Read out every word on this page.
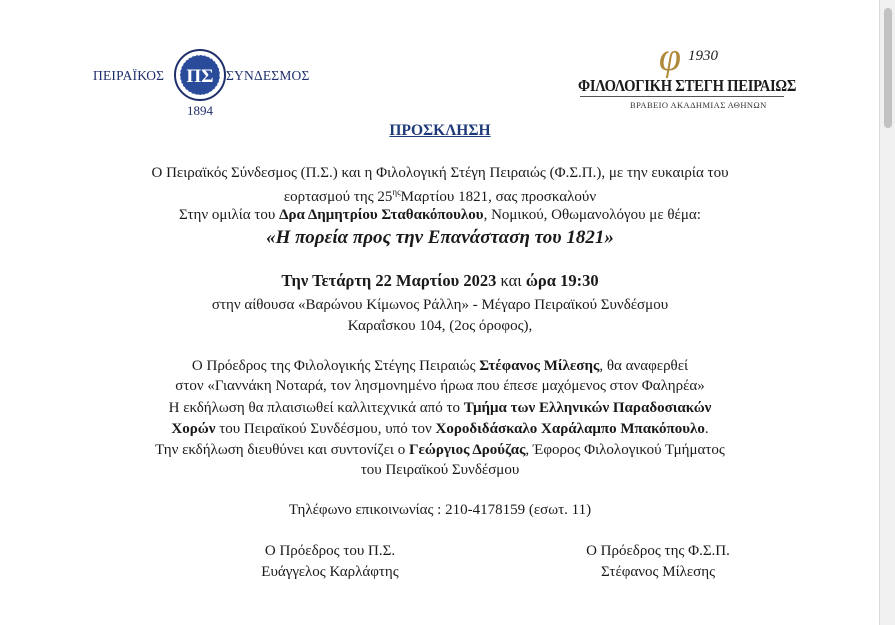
ΠΕΙΡΑΪΚΟΣ ΠΣ ΣΥΝΔΕΣΜΟΣ
1894
φ 1930
ΦΙΛΟΛΟΓΙΚΗ ΣΤΕΓΗ ΠΕΙΡΑΙΩΣ
ΒΡΑΒΕΙΟ ΑΚΑΔΗΜΙΑΣ ΑΘΗΝΩΝ
ΠΡΟΣΚΛΗΣΗ
Ο Πειραϊκός Σύνδεσμος (Π.Σ.) και η Φιλολογική Στέγη Πειραιώς (Φ.Σ.Π.), με την ευκαιρία του
εορτασμού της $25^{\eta\varsigma}M\alpha\rho\tau ίo\upsilon$ 1821, σας προσκαλούν
Στην ομιλία του Δρα Δημητρίου Σταθακόπουλου, Νομικού, Οθωμανολόγου με θέμα:
«Η πορεία προς την Επανάσταση του 1821»
Την Τετάρτη 22 Μαρτίου 2023 και ώρα 19:30
στην αίθουσα «Βαρώνου Κίμωνος Ράλλη» - Μέγαρο Πειραϊκού Συνδέσμου
Καραΐσκου 104, (2ος όροφος),
Ο Πρόεδρος της Φιλολογικής Στέγης Πειραιώς Στέφανος Μίλεσης, θα αναφερθεί
στον «Γιαννάκη Νοταρά, τον λησμονημένο ήρωα που έπεσε μαχόμενος στον Φαληρέα»
Η εκδήλωση θα πλαισιωθεί καλλιτεχνικά από το Τμήμα των Ελληνικών Παραδοσιακών
Χορών του Πειραϊκού Συνδέσμου, υπό τον Χοροδιδάσκαλο Χαράλαμπο Μπακόπουλο.
Την εκδήλωση διευθύνει και συντονίζει ο Γεώργιος Δρούζας, Έφορος Φιλολογικού Τμήματος
του Πειραϊκού Συνδέσμου
Τηλέφωνο επικοινωνίας : 210-4178159 (εσωτ. 11)
Ο Πρόεδρος του Π.Σ.
Ευάγγελος Καρλάφτης
Ο Πρόεδρος της Φ.Σ.Π.
Στέφανος Μίλεσης
